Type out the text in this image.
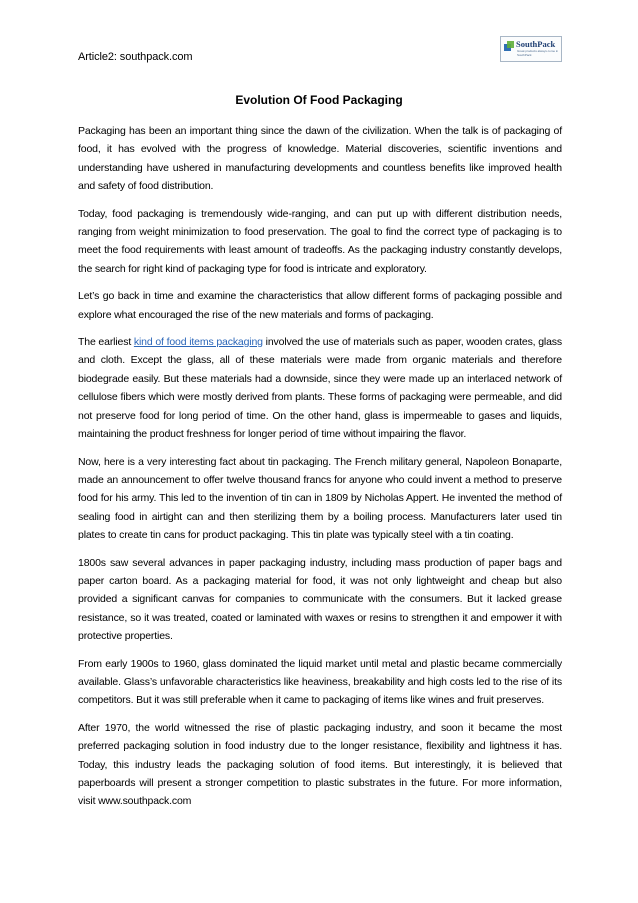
Article2: southpack.com
SouthPack
Great products always come in SouthPack
Evolution Of Food Packaging

Packaging has been an important thing since the dawn of the civilization. When the talk is of packaging of food, it has evolved with the progress of knowledge. Material discoveries, scientific inventions and understanding have ushered in manufacturing developments and countless benefits like improved health and safety of food distribution.

Today, food packaging is tremendously wide-ranging, and can put up with different distribution needs, ranging from weight minimization to food preservation. The goal to find the correct type of packaging is to meet the food requirements with least amount of tradeoffs. As the packaging industry constantly develops, the search for right kind of packaging type for food is intricate and exploratory.

Let’s go back in time and examine the characteristics that allow different forms of packaging possible and explore what encouraged the rise of the new materials and forms of packaging.

The earliest kind of food items packaging involved the use of materials such as paper, wooden crates, glass and cloth. Except the glass, all of these materials were made from organic materials and therefore biodegrade easily. But these materials had a downside, since they were made up an interlaced network of cellulose fibers which were mostly derived from plants. These forms of packaging were permeable, and did not preserve food for long period of time. On the other hand, glass is impermeable to gases and liquids, maintaining the product freshness for longer period of time without impairing the flavor.

Now, here is a very interesting fact about tin packaging. The French military general, Napoleon Bonaparte, made an announcement to offer twelve thousand francs for anyone who could invent a method to preserve food for his army. This led to the invention of tin can in 1809 by Nicholas Appert. He invented the method of sealing food in airtight can and then sterilizing them by a boiling process. Manufacturers later used tin plates to create tin cans for product packaging. This tin plate was typically steel with a tin coating.

1800s saw several advances in paper packaging industry, including mass production of paper bags and paper carton board. As a packaging material for food, it was not only lightweight and cheap but also provided a significant canvas for companies to communicate with the consumers. But it lacked grease resistance, so it was treated, coated or laminated with waxes or resins to strengthen it and empower it with protective properties.

From early 1900s to 1960, glass dominated the liquid market until metal and plastic became commercially available. Glass’s unfavorable characteristics like heaviness, breakability and high costs led to the rise of its competitors. But it was still preferable when it came to packaging of items like wines and fruit preserves.

After 1970, the world witnessed the rise of plastic packaging industry, and soon it became the most preferred packaging solution in food industry due to the longer resistance, flexibility and lightness it has. Today, this industry leads the packaging solution of food items. But interestingly, it is believed that paperboards will present a stronger competition to plastic substrates in the future. For more information, visit www.southpack.com
